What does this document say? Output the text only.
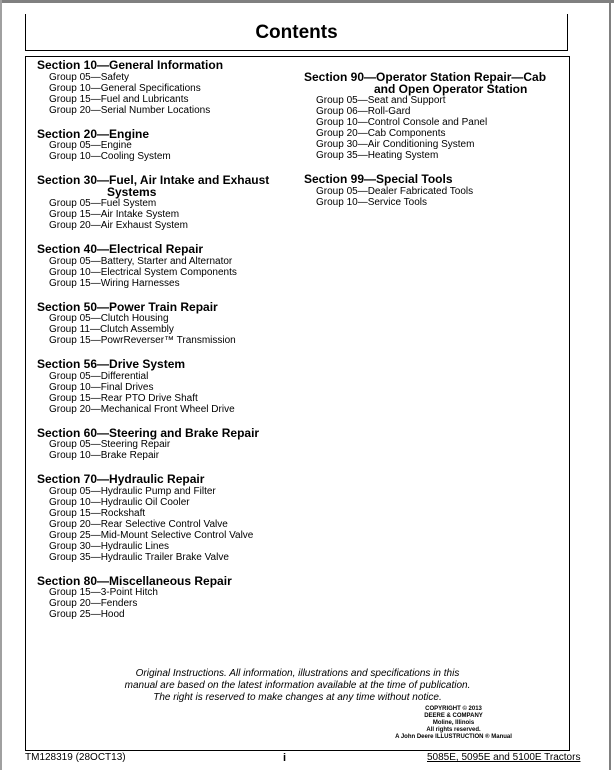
Contents
Section 10—General Information
Group 05—Safety
Group 10—General Specifications
Group 15—Fuel and Lubricants
Group 20—Serial Number Locations
Section 20—Engine
Group 05—Engine
Group 10—Cooling System
Section 30—Fuel, Air Intake and Exhaust
Systems
Group 05—Fuel System
Group 15—Air Intake System
Group 20—Air Exhaust System
Section 40—Electrical Repair
Group 05—Battery, Starter and Alternator
Group 10—Electrical System Components
Group 15—Wiring Harnesses
Section 50—Power Train Repair
Group 05—Clutch Housing
Group 11—Clutch Assembly
Group 15—PowrReverser™ Transmission
Section 56—Drive System
Group 05—Differential
Group 10—Final Drives
Group 15—Rear PTO Drive Shaft
Group 20—Mechanical Front Wheel Drive
Section 60—Steering and Brake Repair
Group 05—Steering Repair
Group 10—Brake Repair
Section 70—Hydraulic Repair
Group 05—Hydraulic Pump and Filter
Group 10—Hydraulic Oil Cooler
Group 15—Rockshaft
Group 20—Rear Selective Control Valve
Group 25—Mid-Mount Selective Control Valve
Group 30—Hydraulic Lines
Group 35—Hydraulic Trailer Brake Valve
Section 80—Miscellaneous Repair
Group 15—3-Point Hitch
Group 20—Fenders
Group 25—Hood
Section 90—Operator Station Repair—Cab
and Open Operator Station
Group 05—Seat and Support
Group 06—Roll-Gard
Group 10—Control Console and Panel
Group 20—Cab Components
Group 30—Air Conditioning System
Group 35—Heating System
Section 99—Special Tools
Group 05—Dealer Fabricated Tools
Group 10—Service Tools
Original Instructions. All information, illustrations and specifications in this
manual are based on the latest information available at the time of publication.
The right is reserved to make changes at any time without notice.
COPYRIGHT © 2013
DEERE & COMPANY
Moline, Illinois
All rights reserved.
A John Deere ILLUSTRUCTION ® Manual
TM128319 (28OCT13)	i	5085E, 5095E and 5100E Tractors
